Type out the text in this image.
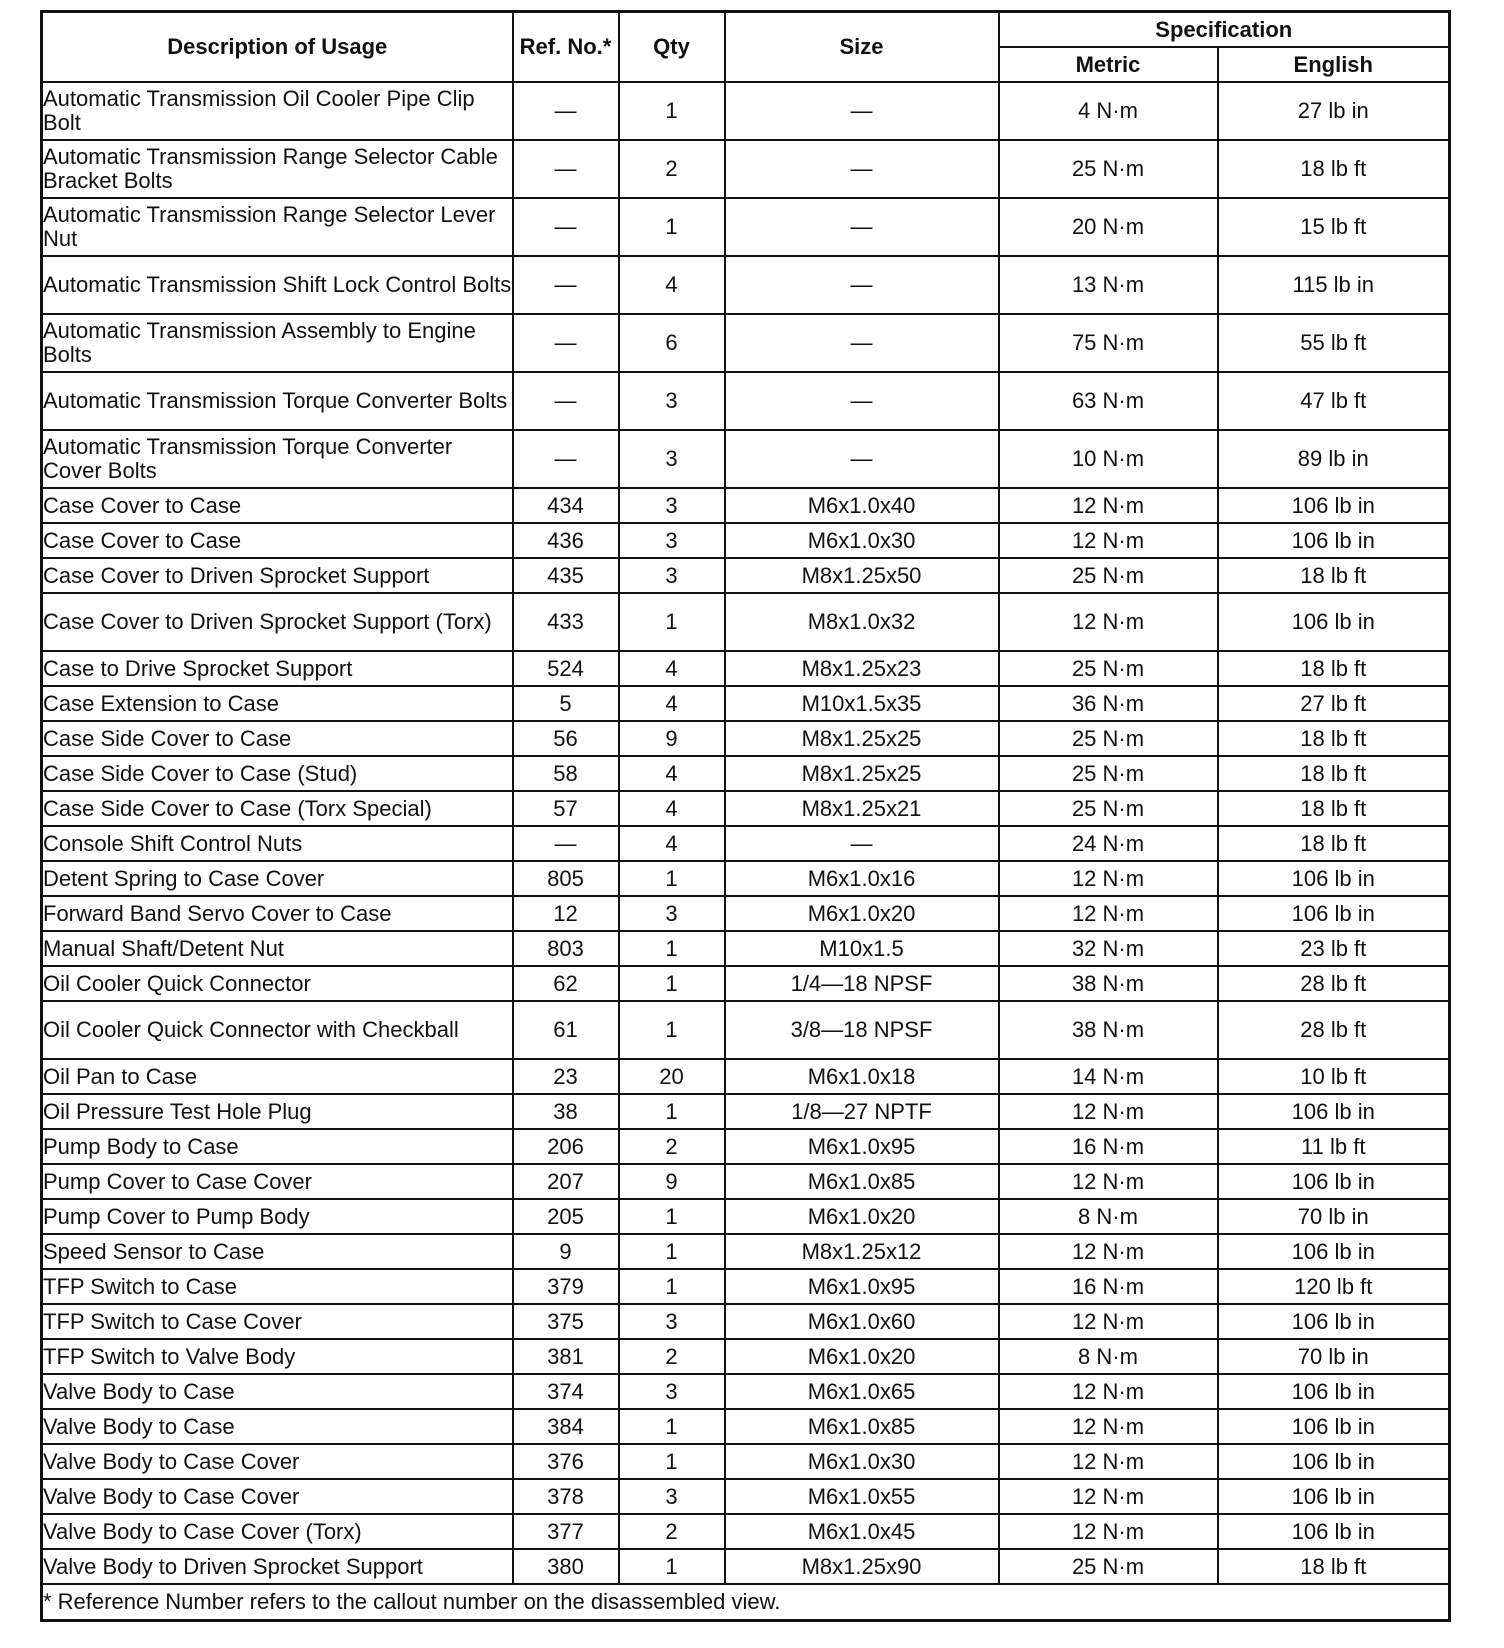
Description of Usage	Ref. No.*	Qty	Size	Specification	
				Metric	English
Automatic Transmission Oil Cooler Pipe Clip Bolt	—	1	—	4 N·m	27 lb in
Automatic Transmission Range Selector Cable Bracket Bolts	—	2	—	25 N·m	18 lb ft
Automatic Transmission Range Selector Lever Nut	—	1	—	20 N·m	15 lb ft
Automatic Transmission Shift Lock Control Bolts	—	4	—	13 N·m	115 lb in
Automatic Transmission Assembly to Engine Bolts	—	6	—	75 N·m	55 lb ft
Automatic Transmission Torque Converter Bolts	—	3	—	63 N·m	47 lb ft
Automatic Transmission Torque Converter Cover Bolts	—	3	—	10 N·m	89 lb in
Case Cover to Case	434	3	M6x1.0x40	12 N·m	106 lb in
Case Cover to Case	436	3	M6x1.0x30	12 N·m	106 lb in
Case Cover to Driven Sprocket Support	435	3	M8x1.25x50	25 N·m	18 lb ft
Case Cover to Driven Sprocket Support (Torx)	433	1	M8x1.0x32	12 N·m	106 lb in
Case to Drive Sprocket Support	524	4	M8x1.25x23	25 N·m	18 lb ft
Case Extension to Case	5	4	M10x1.5x35	36 N·m	27 lb ft
Case Side Cover to Case	56	9	M8x1.25x25	25 N·m	18 lb ft
Case Side Cover to Case (Stud)	58	4	M8x1.25x25	25 N·m	18 lb ft
Case Side Cover to Case (Torx Special)	57	4	M8x1.25x21	25 N·m	18 lb ft
Console Shift Control Nuts	—	4	—	24 N·m	18 lb ft
Detent Spring to Case Cover	805	1	M6x1.0x16	12 N·m	106 lb in
Forward Band Servo Cover to Case	12	3	M6x1.0x20	12 N·m	106 lb in
Manual Shaft/Detent Nut	803	1	M10x1.5	32 N·m	23 lb ft
Oil Cooler Quick Connector	62	1	1/4—18 NPSF	38 N·m	28 lb ft
Oil Cooler Quick Connector with Checkball	61	1	3/8—18 NPSF	38 N·m	28 lb ft
Oil Pan to Case	23	20	M6x1.0x18	14 N·m	10 lb ft
Oil Pressure Test Hole Plug	38	1	1/8—27 NPTF	12 N·m	106 lb in
Pump Body to Case	206	2	M6x1.0x95	16 N·m	11 lb ft
Pump Cover to Case Cover	207	9	M6x1.0x85	12 N·m	106 lb in
Pump Cover to Pump Body	205	1	M6x1.0x20	8 N·m	70 lb in
Speed Sensor to Case	9	1	M8x1.25x12	12 N·m	106 lb in
TFP Switch to Case	379	1	M6x1.0x95	16 N·m	120 lb ft
TFP Switch to Case Cover	375	3	M6x1.0x60	12 N·m	106 lb in
TFP Switch to Valve Body	381	2	M6x1.0x20	8 N·m	70 lb in
Valve Body to Case	374	3	M6x1.0x65	12 N·m	106 lb in
Valve Body to Case	384	1	M6x1.0x85	12 N·m	106 lb in
Valve Body to Case Cover	376	1	M6x1.0x30	12 N·m	106 lb in
Valve Body to Case Cover	378	3	M6x1.0x55	12 N·m	106 lb in
Valve Body to Case Cover (Torx)	377	2	M6x1.0x45	12 N·m	106 lb in
Valve Body to Driven Sprocket Support	380	1	M8x1.25x90	25 N·m	18 lb ft
* Reference Number refers to the callout number on the disassembled view.					
